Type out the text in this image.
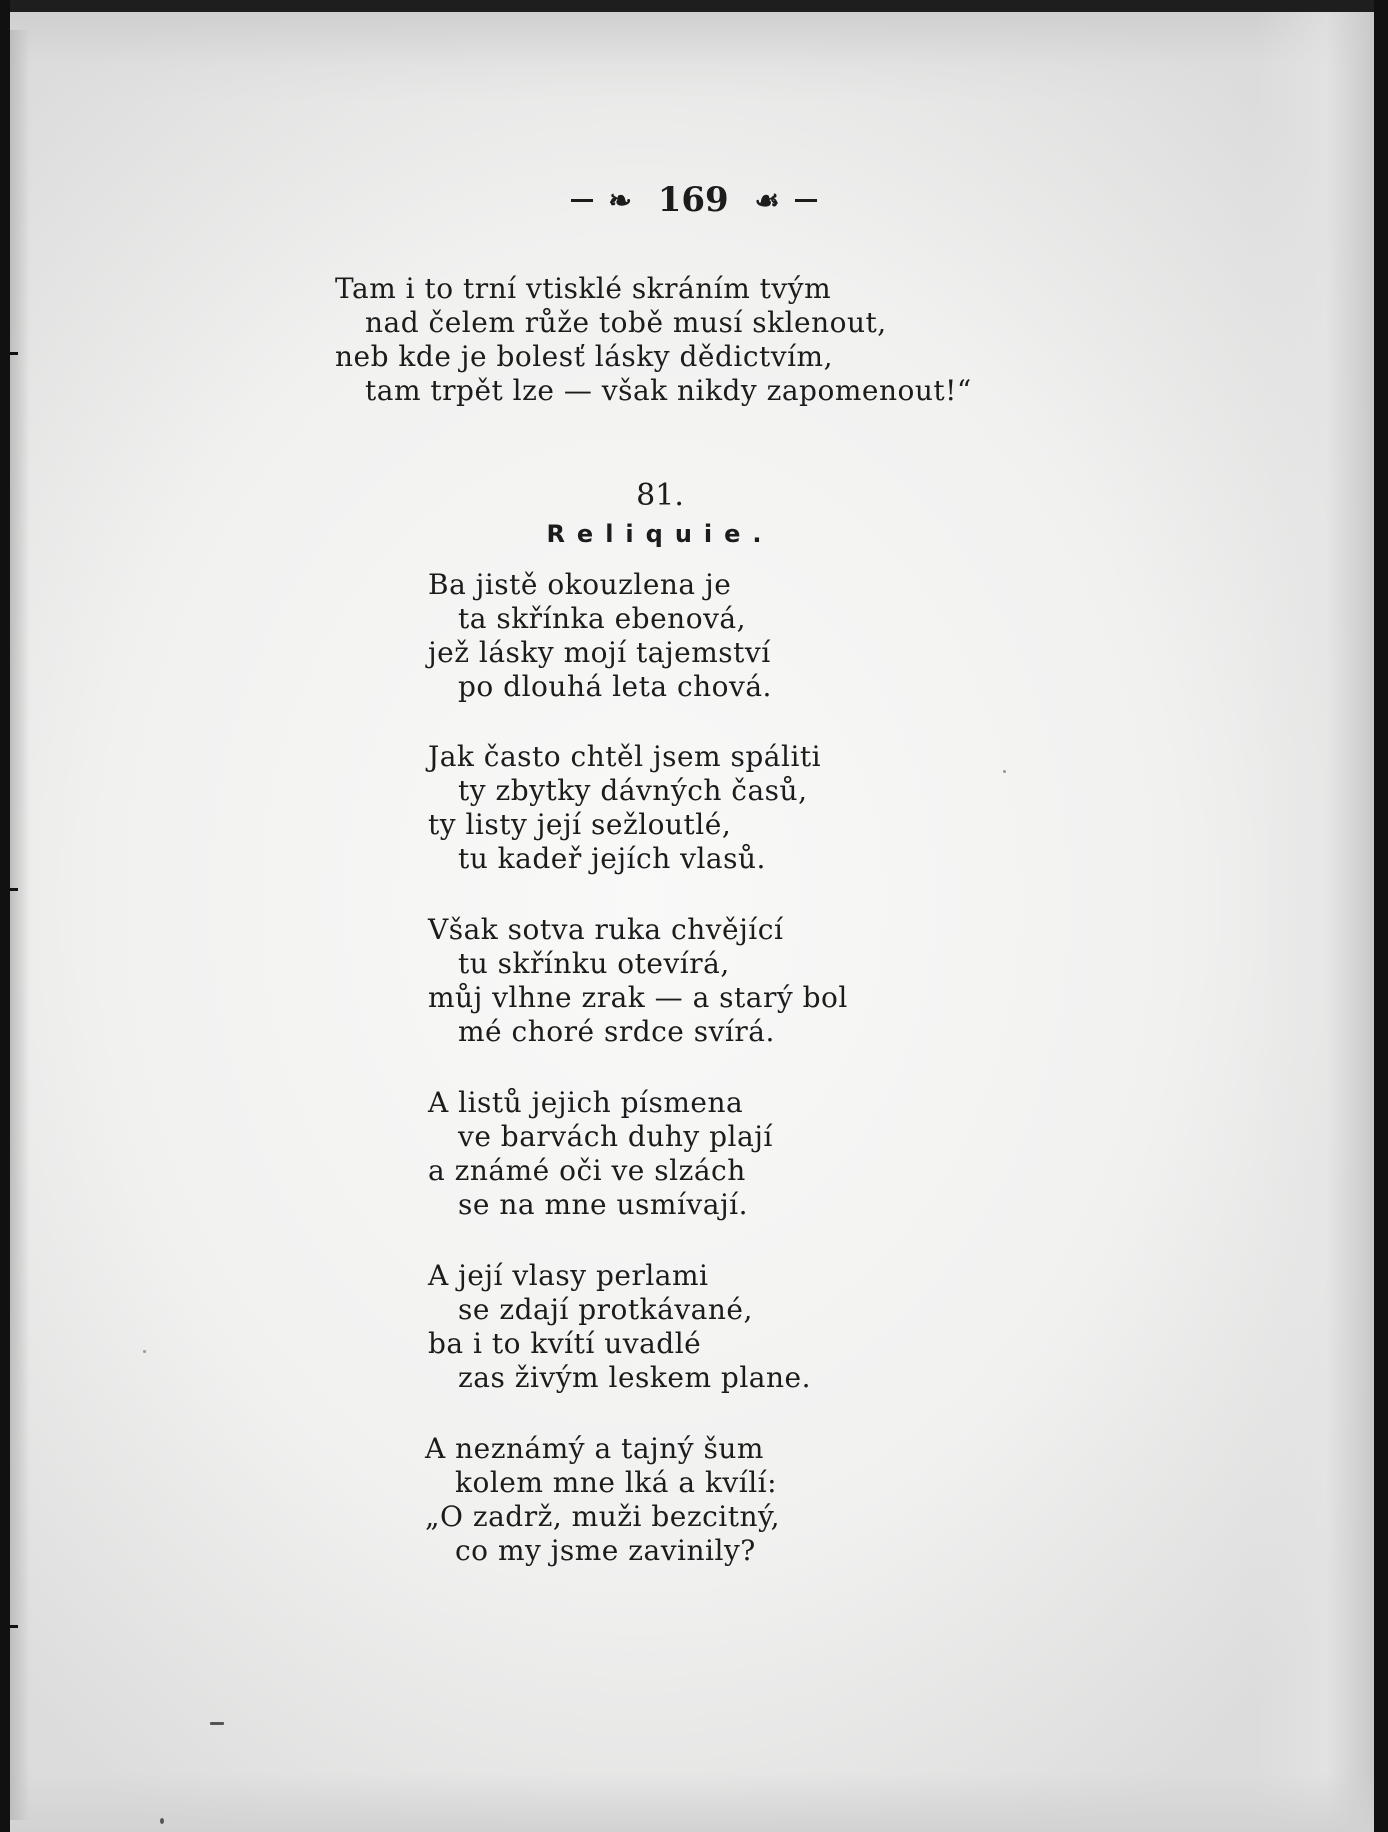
❧ 169 ☙
Tam i to trní vtisklé skráním tvým
nad čelem růže tobě musí sklenout,
neb kde je bolesť lásky dědictvím,
tam trpět lze — však nikdy zapomenout!“
81.
Reliquie.
Ba jistě okouzlena je
ta skřínka ebenová,
jež lásky mojí tajemství
po dlouhá leta chová.
Jak často chtěl jsem spáliti
ty zbytky dávných časů,
ty listy její sežloutlé,
tu kadeř jejích vlasů.
Však sotva ruka chvějící
tu skřínku otevírá,
můj vlhne zrak — a starý bol
mé choré srdce svírá.
A listů jejich písmena
ve barvách duhy plají
a známé oči ve slzách
se na mne usmívají.
A její vlasy perlami
se zdají protkávané,
ba i to kvítí uvadlé
zas živým leskem plane.
A neznámý a tajný šum
kolem mne lká a kvílí:
„O zadrž, muži bezcitný,
co my jsme zavinily?
